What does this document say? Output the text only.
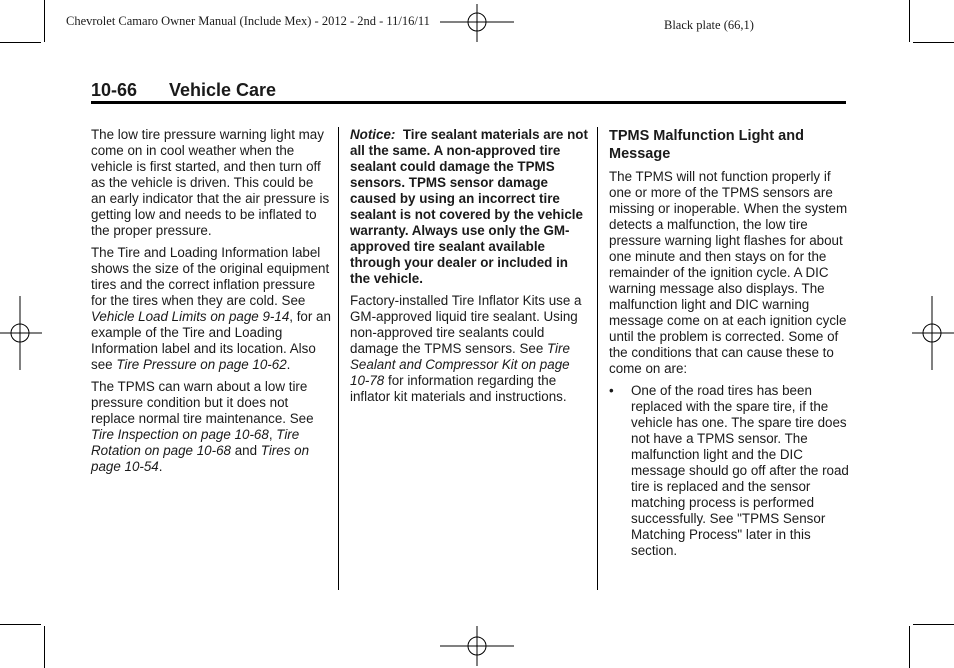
Chevrolet Camaro Owner Manual (Include Mex) - 2012 - 2nd - 11/16/11	Black plate (66,1)
10-66 Vehicle Care

The low tire pressure warning light may come on in cool weather when the vehicle is first started, and then turn off as the vehicle is driven. This could be an early indicator that the air pressure is getting low and needs to be inflated to the proper pressure.

The Tire and Loading Information label shows the size of the original equipment tires and the correct inflation pressure for the tires when they are cold. See Vehicle Load Limits on page 9-14, for an example of the Tire and Loading Information label and its location. Also see Tire Pressure on page 10-62.

The TPMS can warn about a low tire pressure condition but it does not replace normal tire maintenance. See Tire Inspection on page 10-68, Tire Rotation on page 10-68 and Tires on page 10-54.

Notice: Tire sealant materials are not all the same. A non-approved tire sealant could damage the TPMS sensors. TPMS sensor damage caused by using an incorrect tire sealant is not covered by the vehicle warranty. Always use only the GM-approved tire sealant available through your dealer or included in the vehicle.

Factory-installed Tire Inflator Kits use a GM-approved liquid tire sealant. Using non-approved tire sealants could damage the TPMS sensors. See Tire Sealant and Compressor Kit on page 10-78 for information regarding the inflator kit materials and instructions.

TPMS Malfunction Light and Message

The TPMS will not function properly if one or more of the TPMS sensors are missing or inoperable. When the system detects a malfunction, the low tire pressure warning light flashes for about one minute and then stays on for the remainder of the ignition cycle. A DIC warning message also displays. The malfunction light and DIC warning message come on at each ignition cycle until the problem is corrected. Some of the conditions that can cause these to come on are:

• One of the road tires has been replaced with the spare tire, if the vehicle has one. The spare tire does not have a TPMS sensor. The malfunction light and the DIC message should go off after the road tire is replaced and the sensor matching process is performed successfully. See "TPMS Sensor Matching Process" later in this section.
